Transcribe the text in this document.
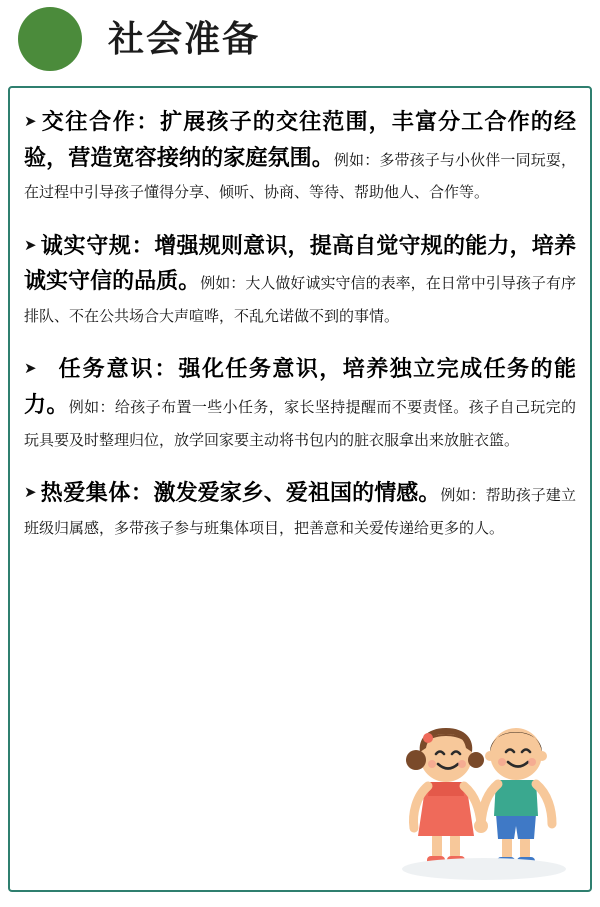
社会准备
➤ 交往合作：扩展孩子的交往范围，丰富分工合作的经验，营造宽容接纳的家庭氛围。例如：多带孩子与小伙伴一同玩耍，在过程中引导孩子懂得分享、倾听、协商、等待、帮助他人、合作等。
➤ 诚实守规：增强规则意识，提高自觉守规的能力，培养诚实守信的品质。例如：大人做好诚实守信的表率，在日常中引导孩子有序排队、不在公共场合大声喧哗，不乱允诺做不到的事情。
➤ 任务意识：强化任务意识，培养独立完成任务的能力。例如：给孩子布置一些小任务，家长坚持提醒而不要责怪。孩子自己玩完的玩具要及时整理归位，放学回家要主动将书包内的脏衣服拿出来放脏衣篮。
➤ 热爱集体：激发爱家乡、爱祖国的情感。例如：帮助孩子建立班级归属感，多带孩子参与班集体项目，把善意和关爱传递给更多的人。
